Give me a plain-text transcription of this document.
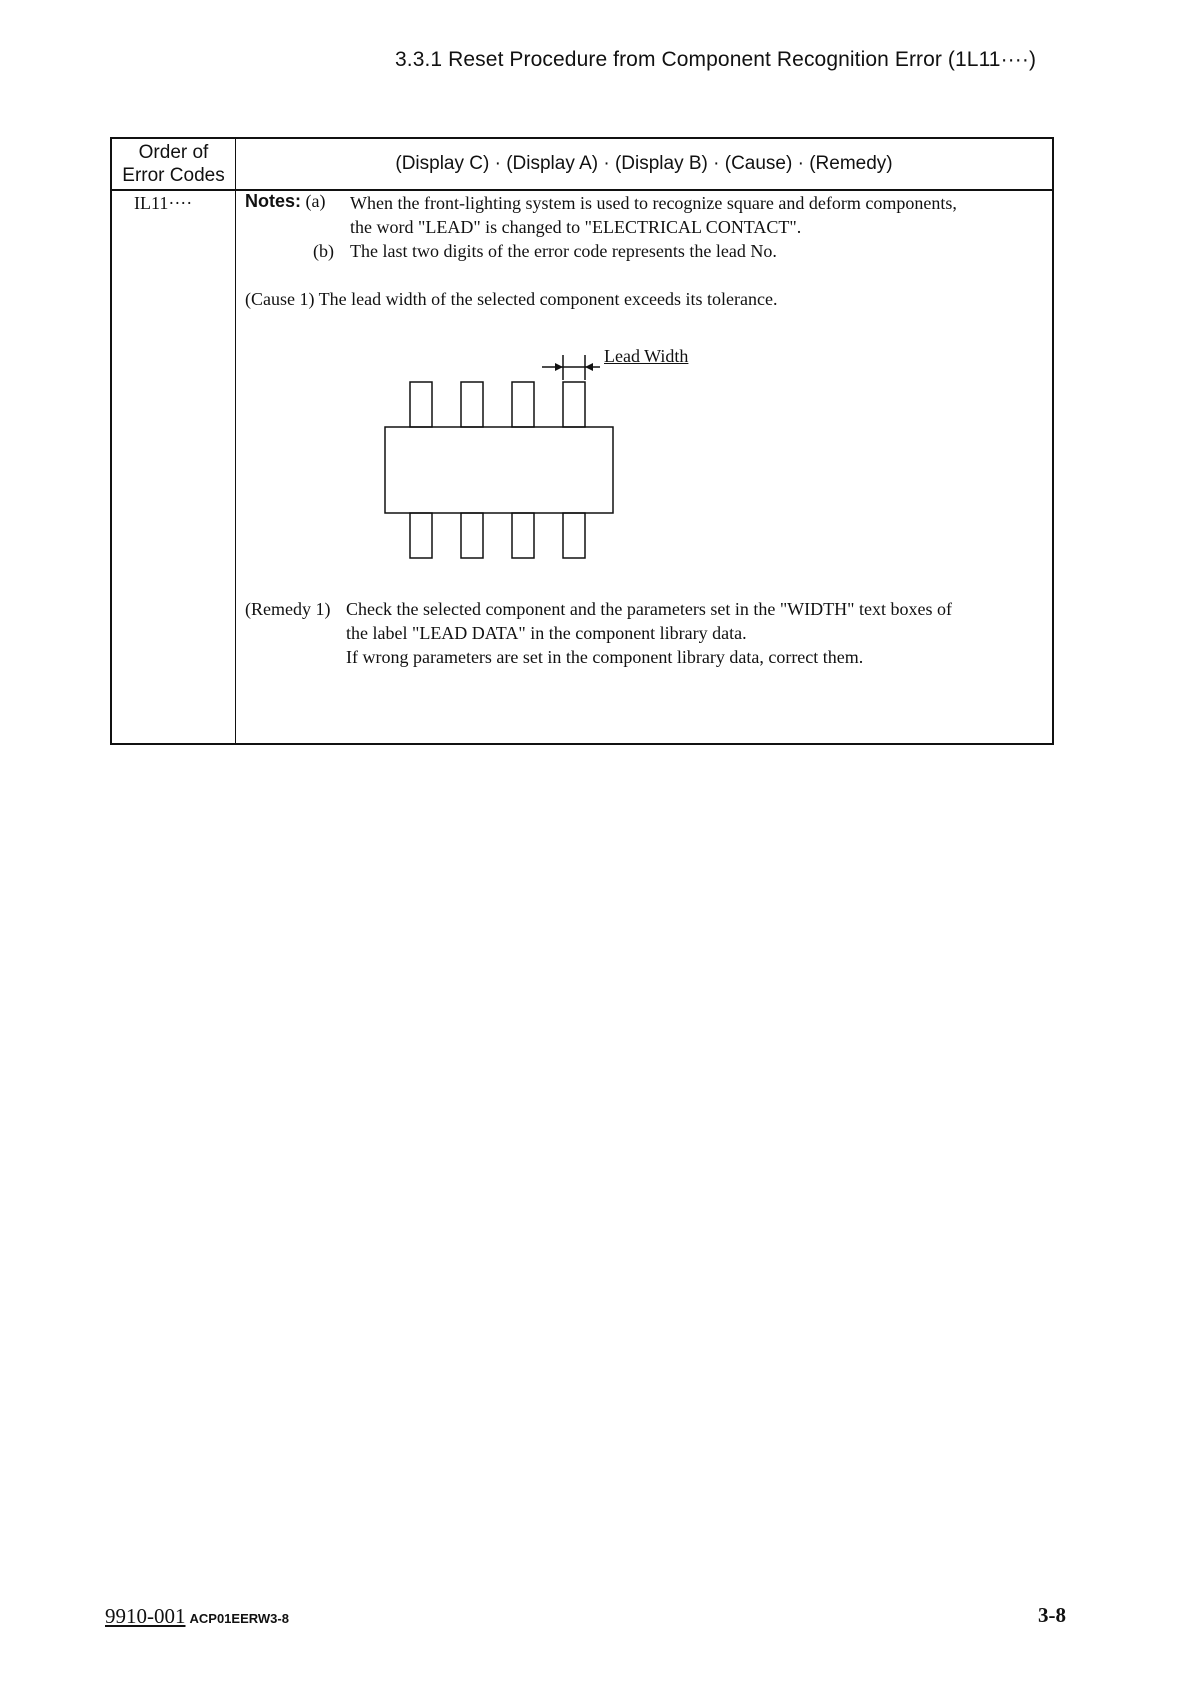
3.3.1 Reset Procedure from Component Recognition Error (1L11····)
Order of
Error Codes
(Display C) · (Display A) · (Display B) · (Cause) · (Remedy)
IL11····	Notes: (a) When the front-lighting system is used to recognize square and deform components,
the word "LEAD" is changed to "ELECTRICAL CONTACT".
(b) The last two digits of the error code represents the lead No.
(Cause 1) The lead width of the selected component exceeds its tolerance.
Lead Width
(Remedy 1) Check the selected component and the parameters set in the "WIDTH" text boxes of
the label "LEAD DATA" in the component library data.
If wrong parameters are set in the component library data, correct them.
9910-001 ACP01EERW3-8	3-8
